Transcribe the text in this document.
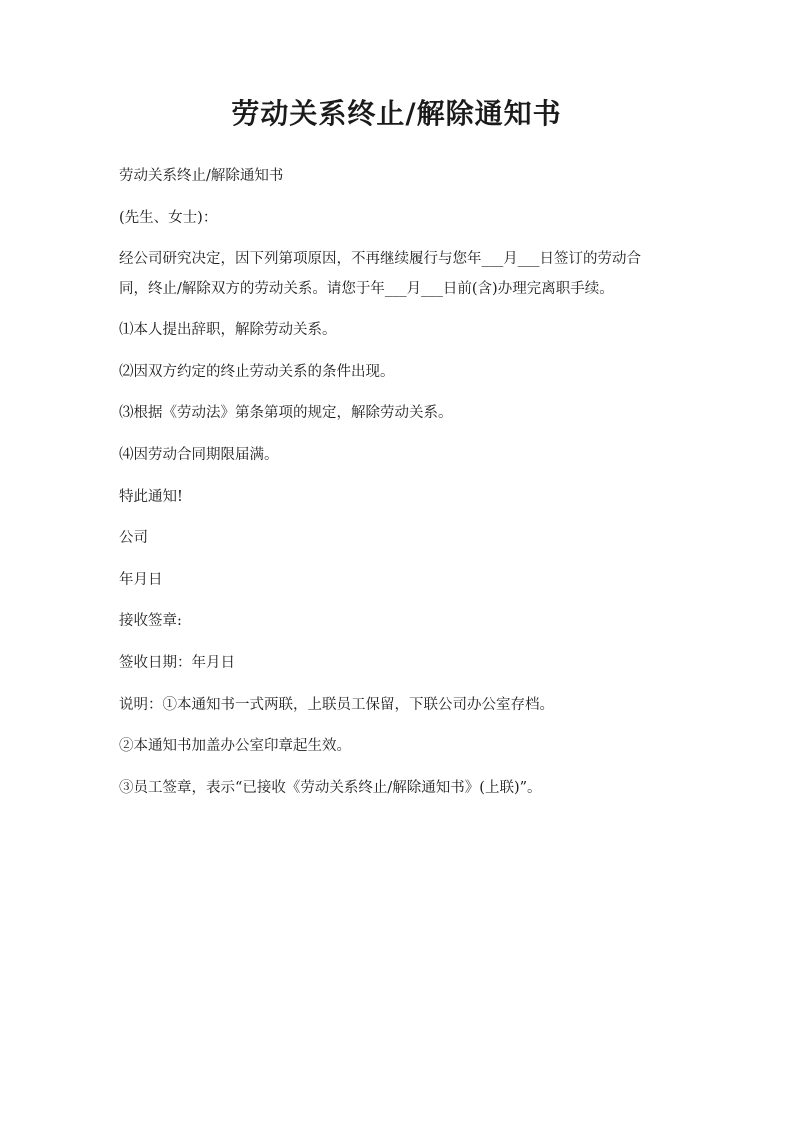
劳动关系终止/解除通知书
劳动关系终止/解除通知书
(先生、女士)：
经公司研究决定，因下列第项原因，不再继续履行与您年___月___日签订的劳动合
同，终止/解除双方的劳动关系。请您于年___月___日前(含)办理完离职手续。
⑴本人提出辞职，解除劳动关系。
⑵因双方约定的终止劳动关系的条件出现。
⑶根据《劳动法》第条第项的规定，解除劳动关系。
⑷因劳动合同期限届满。
特此通知!
公司
年月日
接收签章:
签收日期：年月日
说明：①本通知书一式两联，上联员工保留，下联公司办公室存档。
②本通知书加盖办公室印章起生效。
③员工签章，表示“已接收《劳动关系终止/解除通知书》(上联)”。
